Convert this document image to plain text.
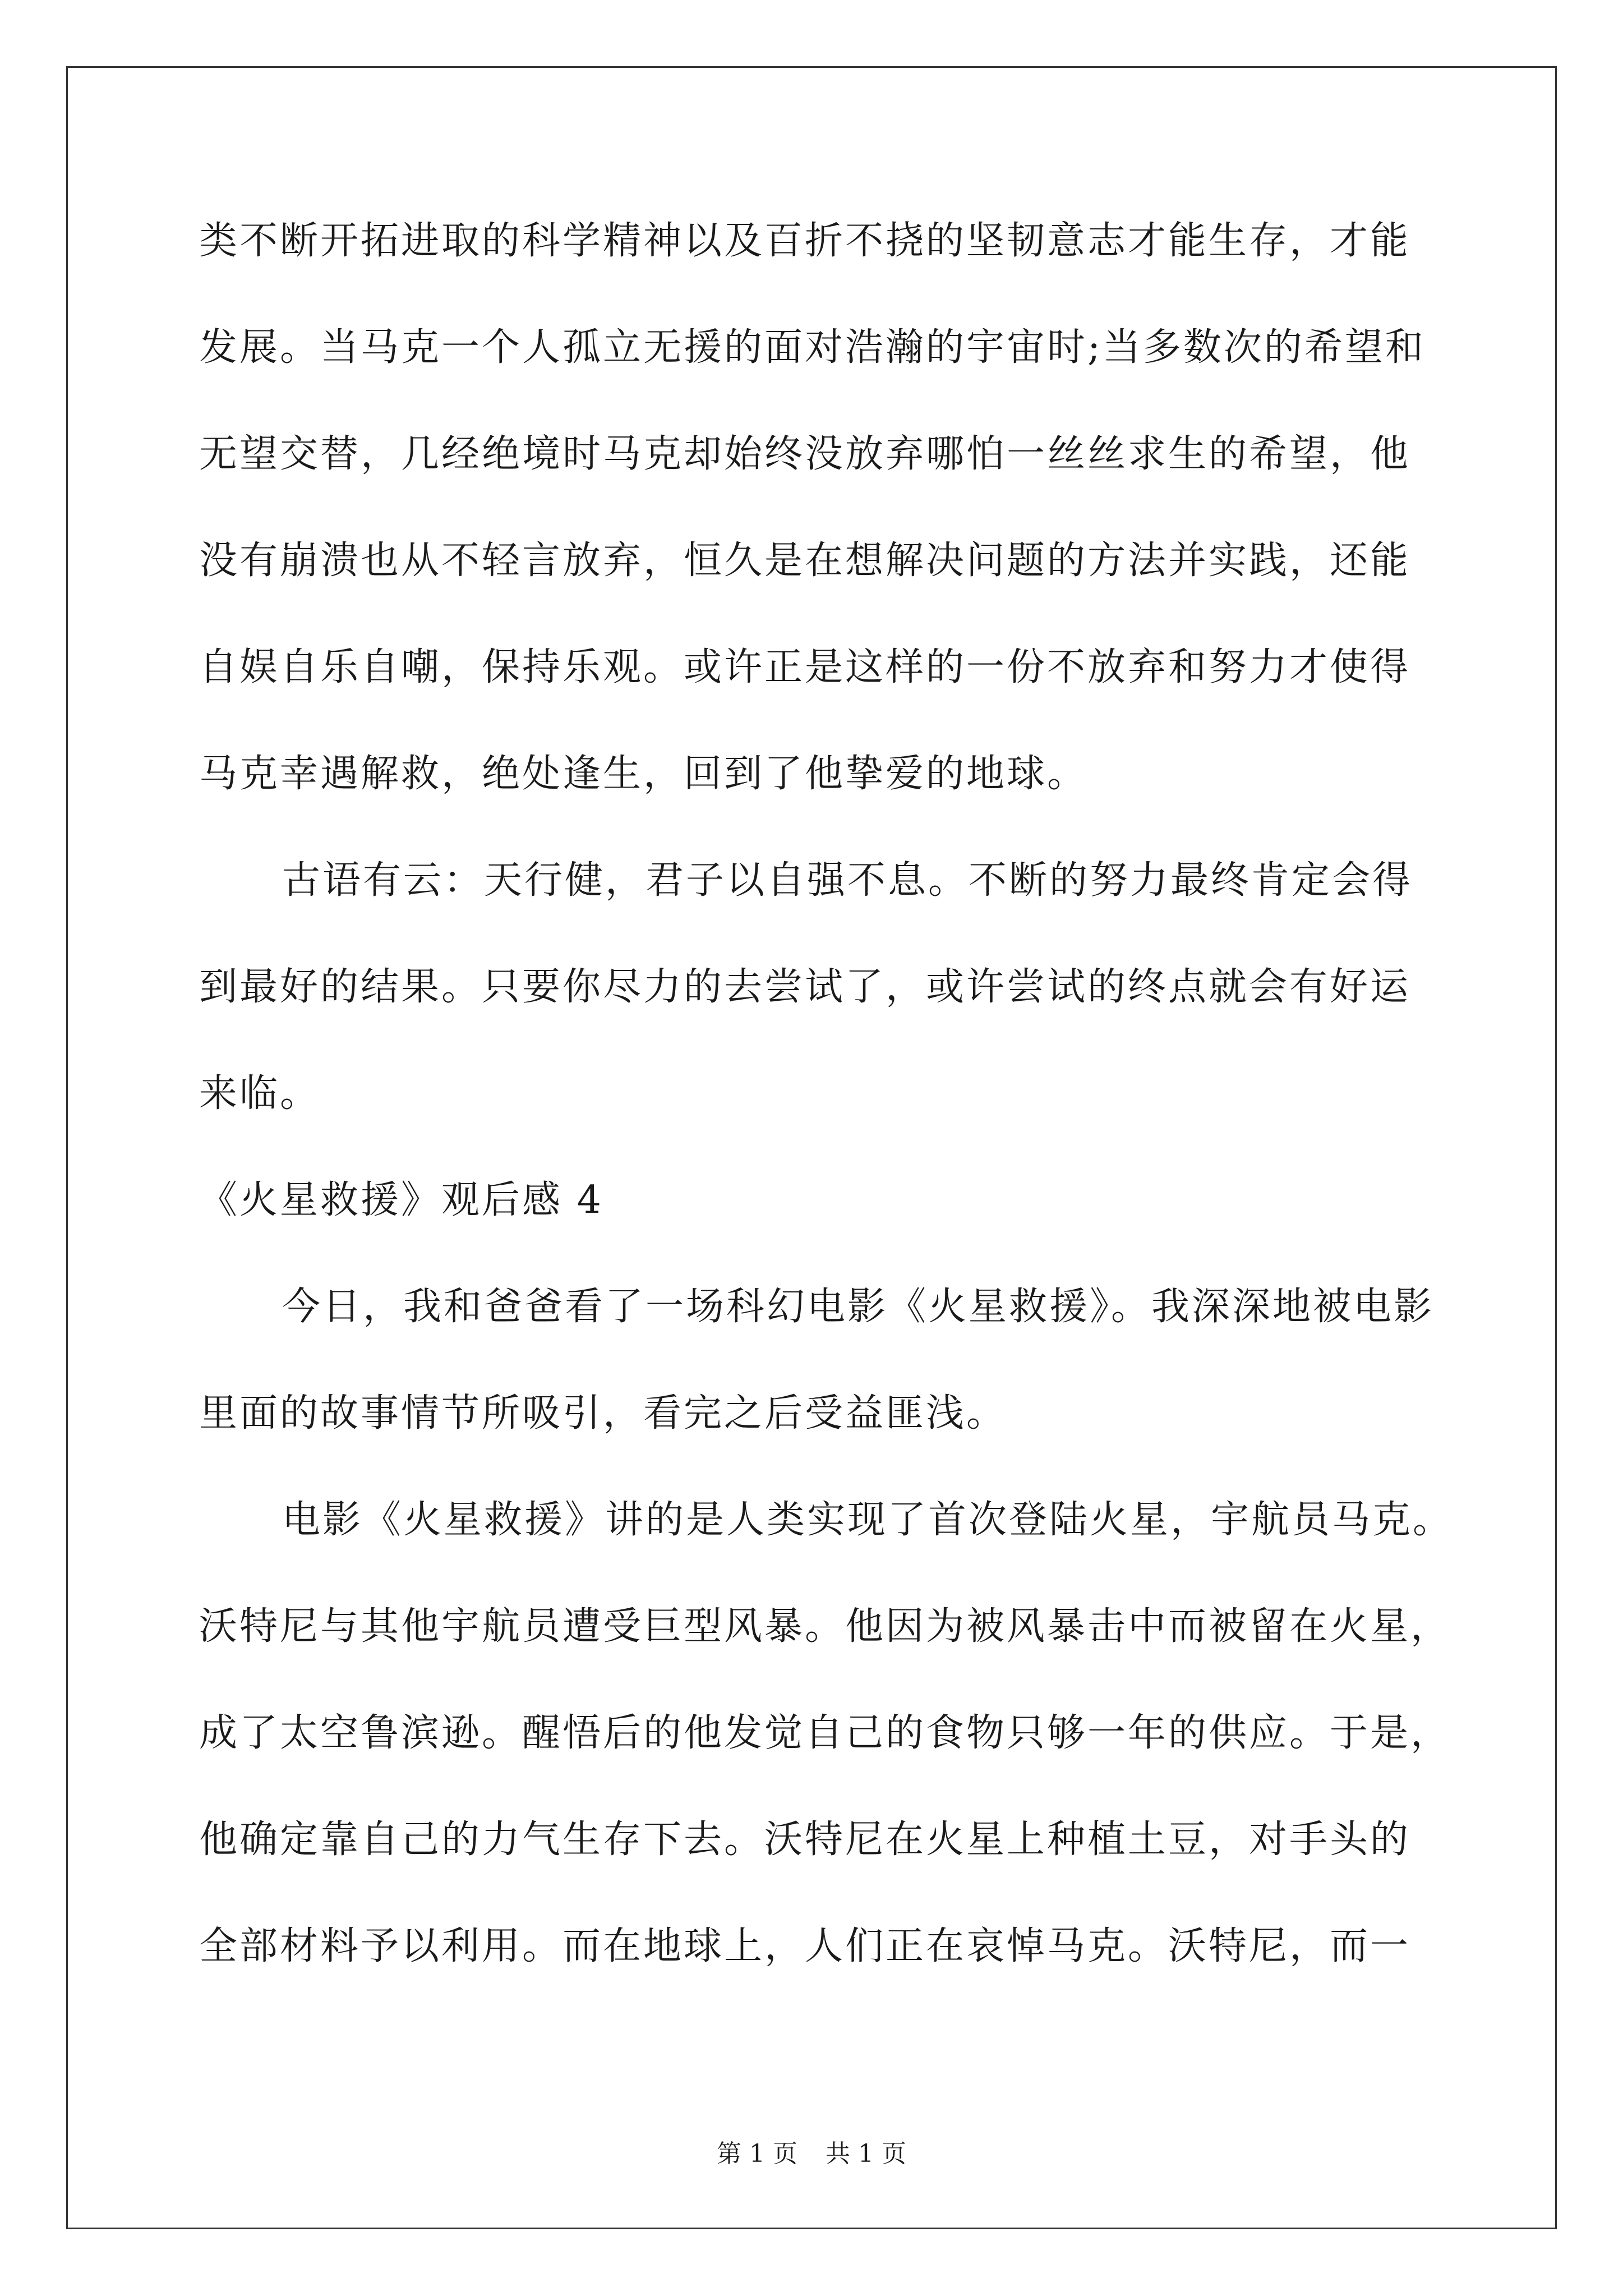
类不断开拓进取的科学精神以及百折不挠的坚韧意志才能生存，才能
发展。当马克一个人孤立无援的面对浩瀚的宇宙时;当多数次的希望和
无望交替，几经绝境时马克却始终没放弃哪怕一丝丝求生的希望，他
没有崩溃也从不轻言放弃，恒久是在想解决问题的方法并实践，还能
自娱自乐自嘲，保持乐观。或许正是这样的一份不放弃和努力才使得
马克幸遇解救，绝处逢生，回到了他挚爱的地球。
古语有云：天行健，君子以自强不息。不断的努力最终肯定会得
到最好的结果。只要你尽力的去尝试了，或许尝试的终点就会有好运
来临。
《火星救援》观后感 4
今日，我和爸爸看了一场科幻电影《火星救援》。我深深地被电影
里面的故事情节所吸引，看完之后受益匪浅。
电影《火星救援》讲的是人类实现了首次登陆火星，宇航员马克。
沃特尼与其他宇航员遭受巨型风暴。他因为被风暴击中而被留在火星，
成了太空鲁滨逊。醒悟后的他发觉自己的食物只够一年的供应。于是，
他确定靠自己的力气生存下去。沃特尼在火星上种植土豆，对手头的
全部材料予以利用。而在地球上，人们正在哀悼马克。沃特尼，而一
第 1 页 共 1 页
